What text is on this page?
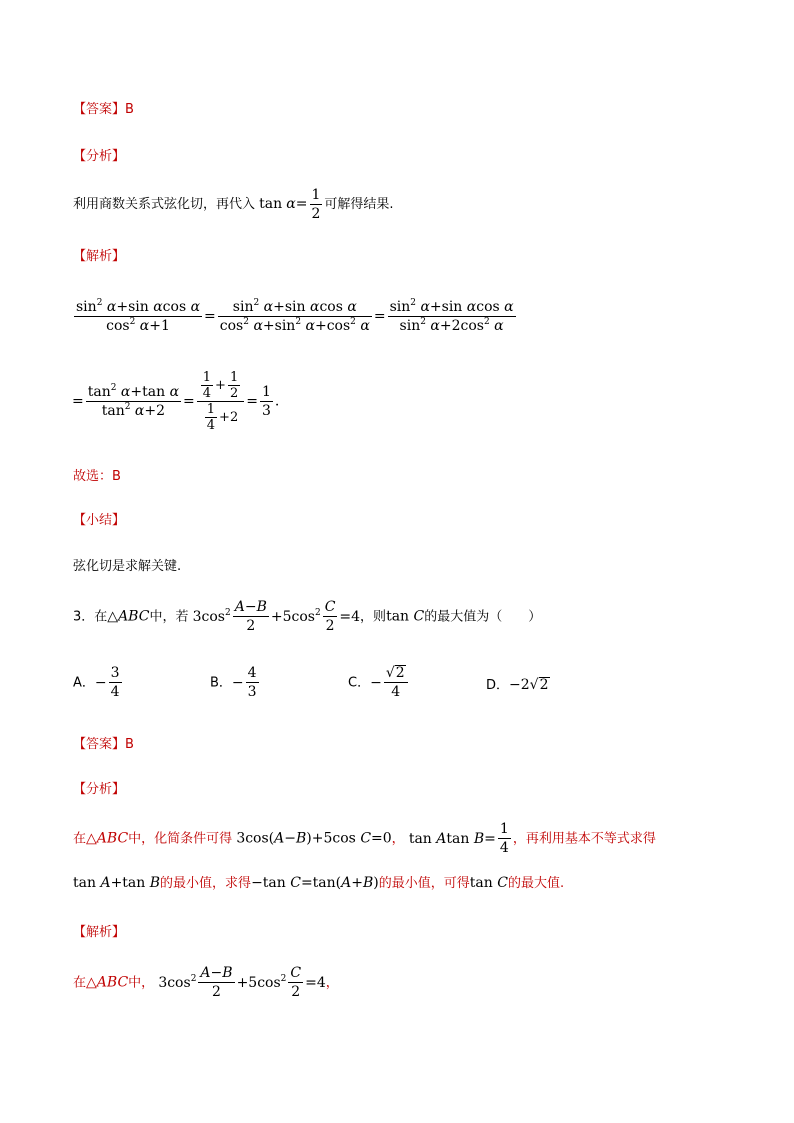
【答案】B
【分析】
利用商数关系式弦化切，再代入 $\tan \alpha= \frac{1}{2}$ 可解得结果.
【解析】
$\frac{\sin^2 \alpha+\sin \alpha\cos \alpha}{\cos^2 \alpha+1} = \frac{\sin^2 \alpha+\sin \alpha\cos \alpha}{\cos^2 \alpha+\sin^2 \alpha+\cos^2 \alpha} = \frac{\sin^2 \alpha+\sin \alpha\cos \alpha}{\sin^2 \alpha+2\cos^2 \alpha}$
= $\frac{\tan^2 \alpha+\tan \alpha}{\tan^2 \alpha+2} = \frac{\frac{1}{4} + \frac{1}{2}}{\frac{1}{4} +2} = \frac{1}{3}$ .
故选：B
【小结】
弦化切是求解关键.
3．在△ABC中，若 $3\cos^2 \frac{A-B}{2} +5\cos^2 \frac{C}{2} =4$，则tan C的最大值为（　　）
A．− $\frac{3}{4}$	B．− $\frac{4}{3}$	C．− $\frac{√2}{4}$	D．−2√2
【答案】B
【分析】
在△ABC中，化简条件可得 3cos(A−B)+5cos C=0， tan Atan $B= \frac{1}{4}$ ，再利用基本不等式求得
tan A+tan B的最小值，求得−tan C=tan(A+B)的最小值，可得tan C的最大值.
【解析】
在△ABC中， $3\cos^2 \frac{A-B}{2} +5\cos^2 \frac{C}{2} =4$，
